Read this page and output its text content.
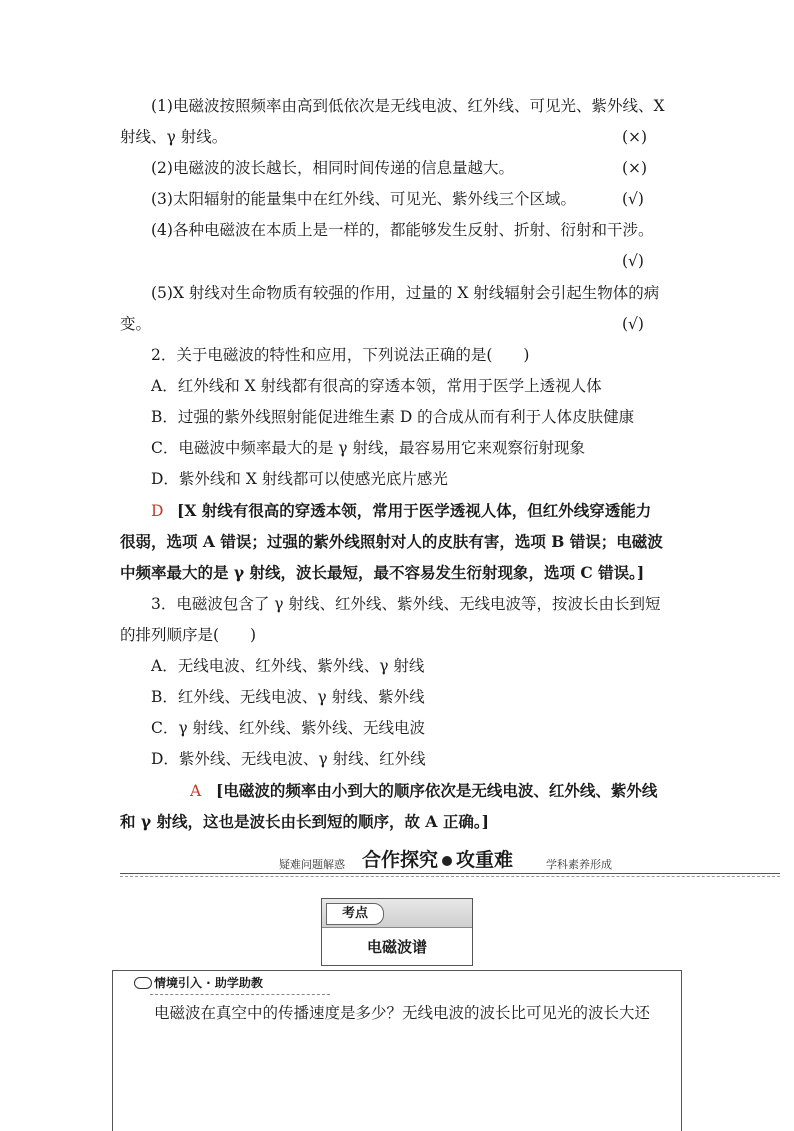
(1)电磁波按照频率由高到低依次是无线电波、红外线、可见光、紫外线、X
射线、γ 射线。	(×)
(2)电磁波的波长越长，相同时间传递的信息量越大。	(×)
(3)太阳辐射的能量集中在红外线、可见光、紫外线三个区域。	(√)
(4)各种电磁波在本质上是一样的，都能够发生反射、折射、衍射和干涉。
(√)
(5)X 射线对生命物质有较强的作用，过量的 X 射线辐射会引起生物体的病
变。	(√)
2．关于电磁波的特性和应用，下列说法正确的是(　　)
A．红外线和 X 射线都有很高的穿透本领，常用于医学上透视人体
B．过强的紫外线照射能促进维生素 D 的合成从而有利于人体皮肤健康
C．电磁波中频率最大的是 γ 射线，最容易用它来观察衍射现象
D．紫外线和 X 射线都可以使感光底片感光
D [X 射线有很高的穿透本领，常用于医学透视人体，但红外线穿透能力
很弱，选项 A 错误；过强的紫外线照射对人的皮肤有害，选项 B 错误；电磁波
中频率最大的是 γ 射线，波长最短，最不容易发生衍射现象，选项 C 错误。]
3．电磁波包含了 γ 射线、红外线、紫外线、无线电波等，按波长由长到短
的排列顺序是(　　)
A．无线电波、红外线、紫外线、γ 射线
B．红外线、无线电波、γ 射线、紫外线
C．γ 射线、红外线、紫外线、无线电波
D．紫外线、无线电波、γ 射线、红外线
A [电磁波的频率由小到大的顺序依次是无线电波、红外线、紫外线
和 γ 射线，这也是波长由长到短的顺序，故 A 正确。]
疑难问题解惑 合作探究 攻重难	学科素养形成
考点
电磁波谱
情境引入 · 助学助教
电磁波在真空中的传播速度是多少？无线电波的波长比可见光的波长大还
